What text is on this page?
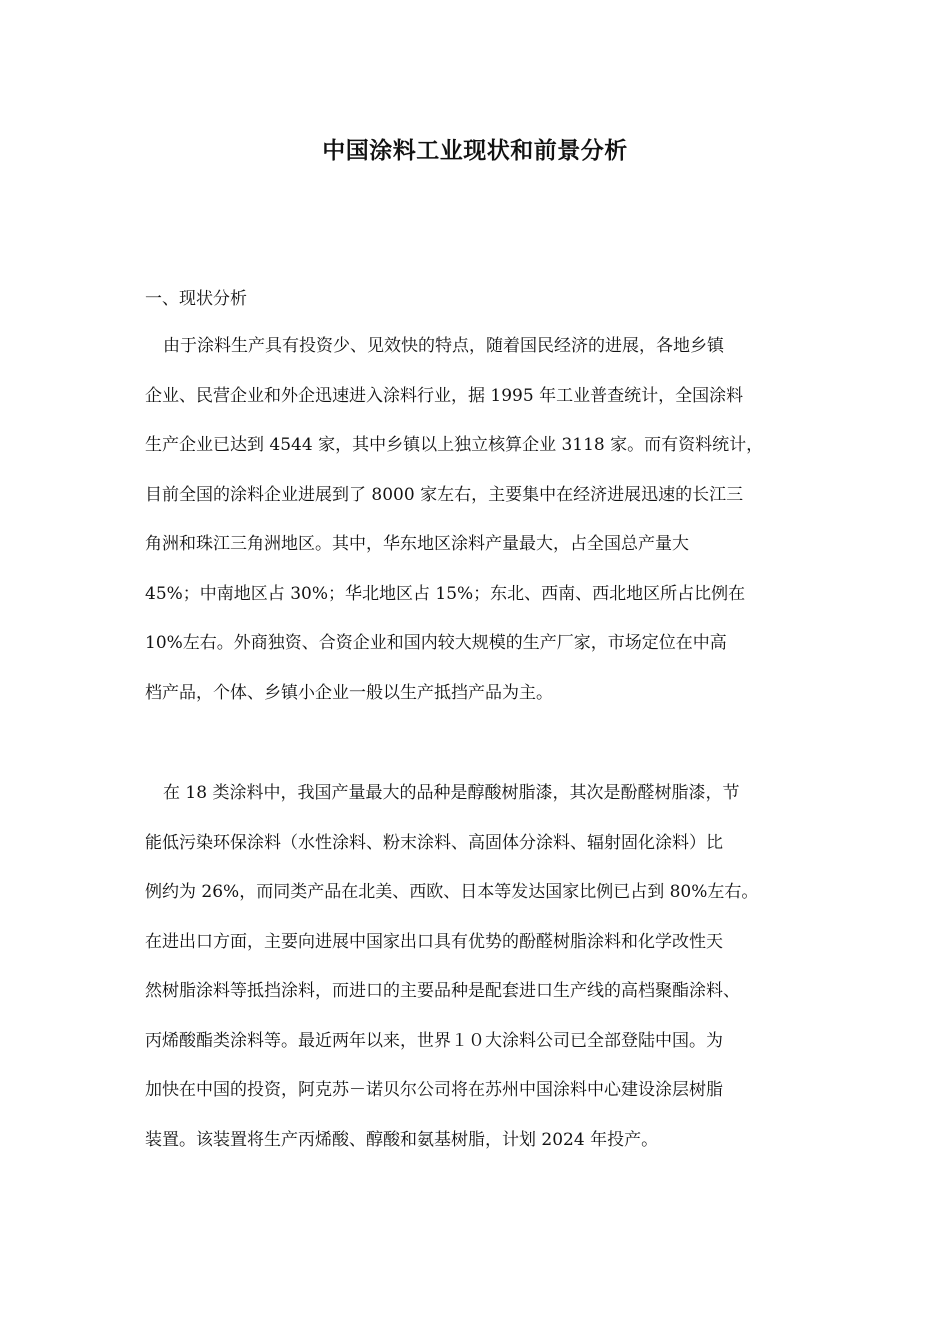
中国涂料工业现状和前景分析
一、现状分析
由于涂料生产具有投资少、见效快的特点，随着国民经济的进展，各地乡镇
企业、民营企业和外企迅速进入涂料行业，据 1995 年工业普查统计，全国涂料
生产企业已达到 4544 家，其中乡镇以上独立核算企业 3118 家。而有资料统计，
目前全国的涂料企业进展到了 8000 家左右，主要集中在经济进展迅速的长江三
角洲和珠江三角洲地区。其中，华东地区涂料产量最大，占全国总产量大
45%；中南地区占 30%；华北地区占 15%；东北、西南、西北地区所占比例在
10%左右。外商独资、合资企业和国内较大规模的生产厂家，市场定位在中高
档产品，个体、乡镇小企业一般以生产抵挡产品为主。
在 18 类涂料中，我国产量最大的品种是醇酸树脂漆，其次是酚醛树脂漆，节
能低污染环保涂料（水性涂料、粉末涂料、高固体分涂料、辐射固化涂料）比
例约为 26%，而同类产品在北美、西欧、日本等发达国家比例已占到 80%左右。
在进出口方面，主要向进展中国家出口具有优势的酚醛树脂涂料和化学改性天
然树脂涂料等抵挡涂料，而进口的主要品种是配套进口生产线的高档聚酯涂料、
丙烯酸酯类涂料等。最近两年以来，世界１０大涂料公司已全部登陆中国。为
加快在中国的投资，阿克苏－诺贝尔公司将在苏州中国涂料中心建设涂层树脂
装置。该装置将生产丙烯酸、醇酸和氨基树脂，计划 2024 年投产。
